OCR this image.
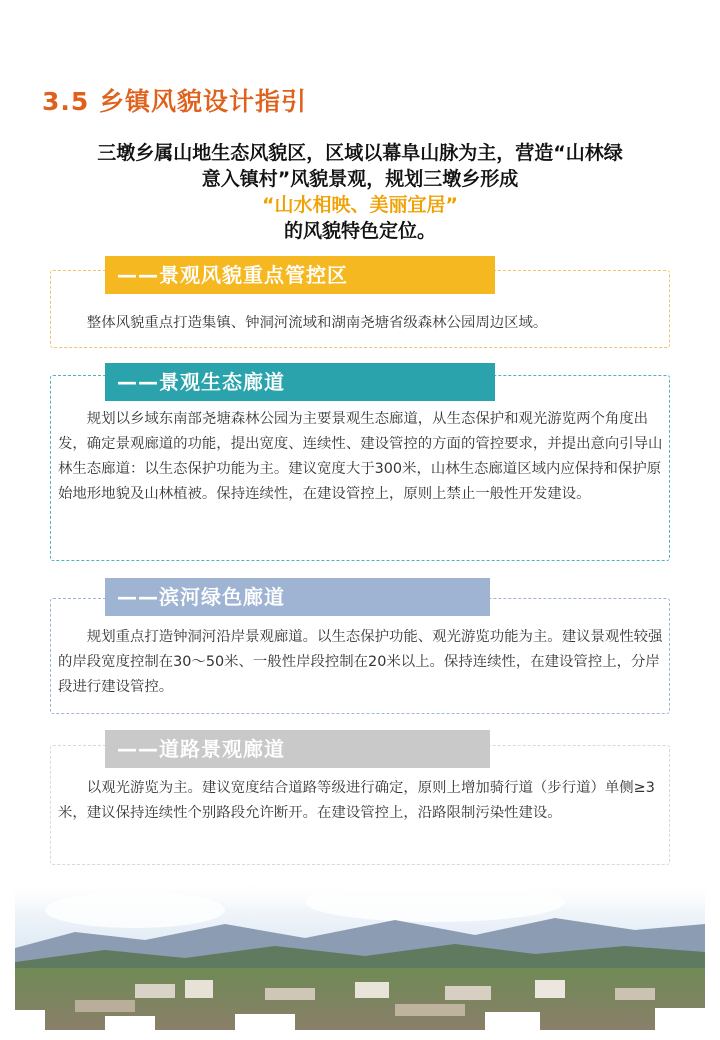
3.5 乡镇风貌设计指引
三墩乡属山地生态风貌区，区域以幕阜山脉为主，营造“山林绿
意入镇村”风貌景观，规划三墩乡形成
“山水相映、美丽宜居”
的风貌特色定位。
——景观风貌重点管控区
整体风貌重点打造集镇、钟洞河流域和湖南尧塘省级森林公园周边区域。
——景观生态廊道
规划以乡域东南部尧塘森林公园为主要景观生态廊道，从生态保护和观光游览两个角度出发，确定景观廊道的功能，提出宽度、连续性、建设管控的方面的管控要求，并提出意向引导山林生态廊道：以生态保护功能为主。建议宽度大于300米，山林生态廊道区域内应保持和保护原始地形地貌及山林植被。保持连续性，在建设管控上，原则上禁止一般性开发建设。
——滨河绿色廊道
规划重点打造钟洞河沿岸景观廊道。以生态保护功能、观光游览功能为主。建议景观性较强的岸段宽度控制在30～50米、一般性岸段控制在20米以上。保持连续性，在建设管控上，分岸段进行建设管控。
——道路景观廊道
以观光游览为主。建议宽度结合道路等级进行确定，原则上增加骑行道（步行道）单侧≥3米，建议保持连续性个别路段允许断开。在建设管控上，沿路限制污染性建设。
